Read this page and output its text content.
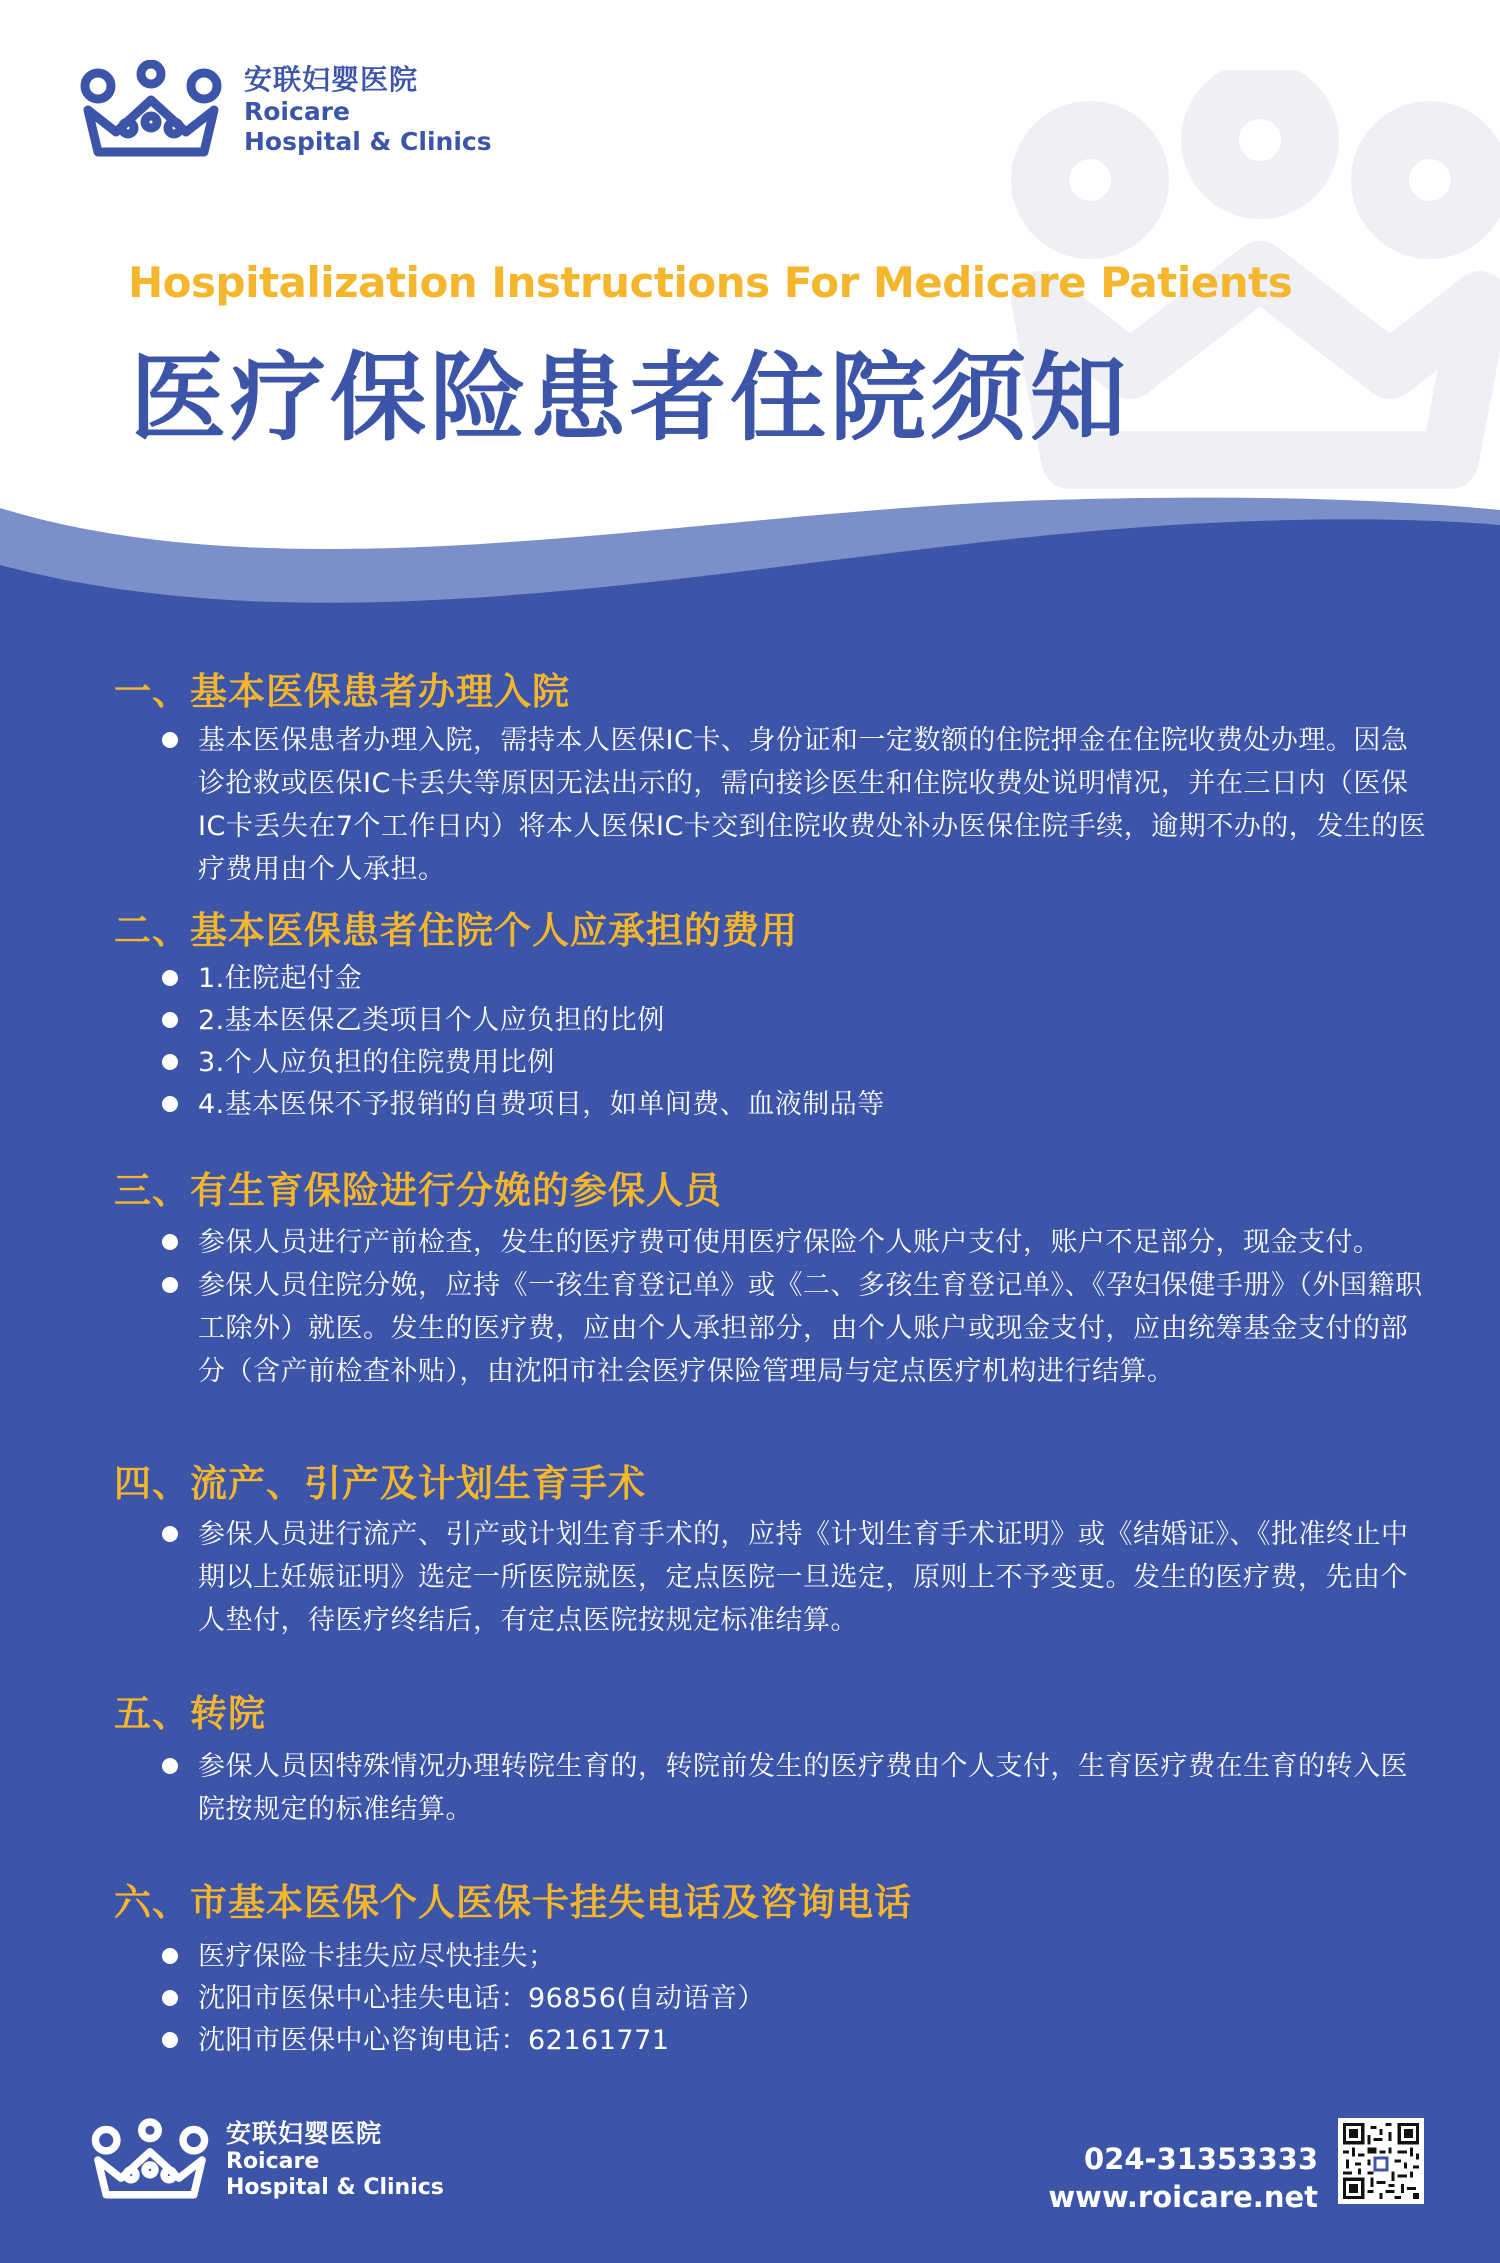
安联妇婴医院
Roicare
Hospital & Clinics
Hospitalization Instructions For Medicare Patients
医疗保险患者住院须知
一、基本医保患者办理入院
基本医保患者办理入院，需持本人医保IC卡、身份证和一定数额的住院押金在住院收费处办理。因急诊抢救或医保IC卡丢失等原因无法出示的，需向接诊医生和住院收费处说明情况，并在三日内（医保IC卡丢失在7个工作日内）将本人医保IC卡交到住院收费处补办医保住院手续，逾期不办的，发生的医疗费用由个人承担。
二、基本医保患者住院个人应承担的费用
1.住院起付金
2.基本医保乙类项目个人应负担的比例
3.个人应负担的住院费用比例
4.基本医保不予报销的自费项目，如单间费、血液制品等
三、有生育保险进行分娩的参保人员
参保人员进行产前检查，发生的医疗费可使用医疗保险个人账户支付，账户不足部分，现金支付。
参保人员住院分娩，应持《一孩生育登记单》或《二、多孩生育登记单》、《孕妇保健手册》（外国籍职工除外）就医。发生的医疗费，应由个人承担部分，由个人账户或现金支付，应由统筹基金支付的部分（含产前检查补贴），由沈阳市社会医疗保险管理局与定点医疗机构进行结算。
四、流产、引产及计划生育手术
参保人员进行流产、引产或计划生育手术的，应持《计划生育手术证明》或《结婚证》、《批准终止中期以上妊娠证明》选定一所医院就医，定点医院一旦选定，原则上不予变更。发生的医疗费，先由个人垫付，待医疗终结后，有定点医院按规定标准结算。
五、转院
参保人员因特殊情况办理转院生育的，转院前发生的医疗费由个人支付，生育医疗费在生育的转入医院按规定的标准结算。
六、市基本医保个人医保卡挂失电话及咨询电话
医疗保险卡挂失应尽快挂失；
沈阳市医保中心挂失电话：96856(自动语音）
沈阳市医保中心咨询电话：62161771
安联妇婴医院
Roicare
Hospital & Clinics
024-31353333
www.roicare.net
